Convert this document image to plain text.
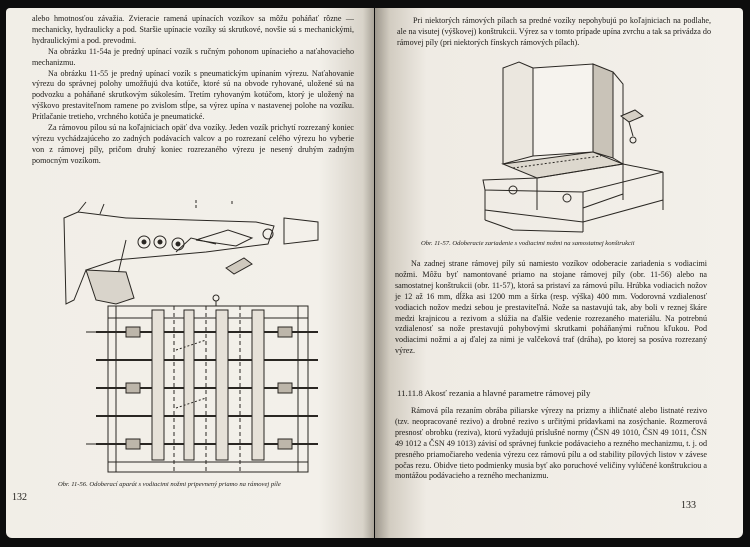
alebo hmotnosťou závažia. Zvieracie ramená upínacích vozíkov sa môžu poháňať rôzne — mechanicky, hydraulicky a pod. Staršie upínacie vozíky sú skrutkové, novšie sú s mechanickými, hydraulickými a pod. prevodmi.

Na obrázku 11-54a je predný upínací vozík s ručným pohonom upínacieho a naťahovacieho mechanizmu.

Na obrázku 11-55 je predný upínací vozík s pneumatickým upínaním výrezu. Naťahovanie výrezu do správnej polohy umožňujú dva kotúče, ktoré sú na obvode ryhované, uložené sú na podvozku a poháňané skrutkovým súkolesím. Tretím ryhovaným kotúčom, ktorý je uložený na výškovo prestaviteľnom ramene po zvislom stĺpe, sa výrez upína v nastavenej polohe na vozíku. Prítlačanie tretieho, vrchného kotúča je pneumatické.

Za rámovou pílou sú na koľajniciach opäť dva vozíky. Jeden vozík prichytí rozrezaný koniec výrezu vychádzajúceho zo zadných podávacích valcov a po rozrezaní celého výrezu ho vyberie von z rámovej píly, pričom druhý koniec rozrezaného výrezu je nesený druhým zadným pomocným vozíkom.

Obr. 11-56. Odoberací aparát s vodiacimi nožmi pripevnený priamo na rámovej píle
132

Pri niektorých rámových pílach sa predné vozíky nepohybujú po koľajniciach na podlahe, ale na visutej (výškovej) konštrukcii. Výrez sa v tomto prípade upína zvrchu a tak sa privádza do rámovej píly (pri niektorých fínskych rámových pílach).

Obr. 11-57. Odoberacie zariadenie s vodiacimi nožmi na samostatnej konštrukcii

Na zadnej strane rámovej píly sú namiesto vozíkov odoberacie zariadenia s vodiacimi nožmi. Môžu byť namontované priamo na stojane rámovej píly (obr. 11-56) alebo na samostatnej konštrukcii (obr. 11-57), ktorá sa pristaví za rámovú pílu. Hrúbka vodiacich nožov je 12 až 16 mm, dĺžka asi 1200 mm a šírka (resp. výška) 400 mm. Vodorovná vzdialenosť vodiacich nožov medzi sebou je prestaviteľná. Nože sa nastavujú tak, aby boli v reznej škáre medzi krajnicou a rezivom a slúžia na ďalšie vedenie rozrezaného materiálu. Na potrebnú vzdialenosť sa nože prestavujú pohybovými skrutkami poháňanými ručnou kľukou. Pod vodiacimi nožmi a aj ďalej za nimi je valčeková traf (dráha), po ktorej sa posúva rozrezaný výrez.

11.11.8 Akosť rezania a hlavné parametre rámovej píly

Rámová píla rezaním obrába piliarske výrezy na prizmy a ihličnaté alebo listnaté rezivo (tzv. neopracované rezivo) a drobné rezivo s určitými prídavkami na zosýchanie. Rozmerová presnosť obrobku (reziva), ktorú vyžadujú príslušné normy (ČSN 49 1010, ČSN 49 1011, ČSN 49 1012 a ČSN 49 1013) závisí od správnej funkcie podávacieho a rezného mechanizmu, t. j. od presného priamočiareho vedenia výrezu cez rámovú pílu a od stability pílových listov v závese počas rezu. Obidve tieto podmienky musia byť ako poruchové veličiny vylúčené konštrukciou a montážou podávacieho a rezného mechanizmu.

133
